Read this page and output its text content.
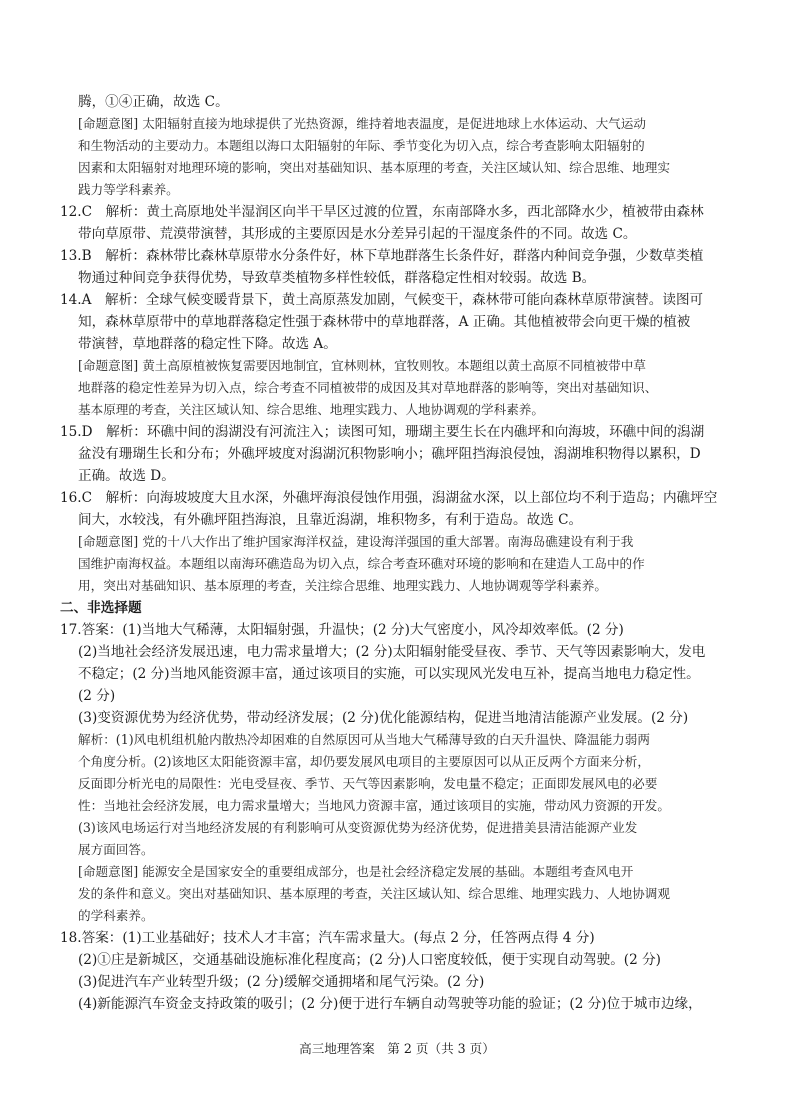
腾，①④正确，故选 C。
[命题意图] 太阳辐射直接为地球提供了光热资源，维持着地表温度，是促进地球上水体运动、大气运动
和生物活动的主要动力。本题组以海口太阳辐射的年际、季节变化为切入点，综合考查影响太阳辐射的
因素和太阳辐射对地理环境的影响，突出对基础知识、基本原理的考查，关注区域认知、综合思维、地理实
践力等学科素养。
12.C　解析：黄土高原地处半湿润区向半干旱区过渡的位置，东南部降水多，西北部降水少，植被带由森林
带向草原带、荒漠带演替，其形成的主要原因是水分差异引起的干湿度条件的不同。故选 C。
13.B　解析：森林带比森林草原带水分条件好，林下草地群落生长条件好，群落内种间竞争强，少数草类植
物通过种间竞争获得优势，导致草类植物多样性较低，群落稳定性相对较弱。故选 B。
14.A　解析：全球气候变暖背景下，黄土高原蒸发加剧，气候变干，森林带可能向森林草原带演替。读图可
知，森林草原带中的草地群落稳定性强于森林带中的草地群落，A 正确。其他植被带会向更干燥的植被
带演替，草地群落的稳定性下降。故选 A。
[命题意图] 黄土高原植被恢复需要因地制宜，宜林则林，宜牧则牧。本题组以黄土高原不同植被带中草
地群落的稳定性差异为切入点，综合考查不同植被带的成因及其对草地群落的影响等，突出对基础知识、
基本原理的考查，关注区域认知、综合思维、地理实践力、人地协调观的学科素养。
15.D　解析：环礁中间的潟湖没有河流注入；读图可知，珊瑚主要生长在内礁坪和向海坡，环礁中间的潟湖
盆没有珊瑚生长和分布；外礁坪坡度对潟湖沉积物影响小；礁坪阻挡海浪侵蚀，潟湖堆积物得以累积，D
正确。故选 D。
16.C　解析：向海坡坡度大且水深，外礁坪海浪侵蚀作用强，潟湖盆水深，以上部位均不利于造岛；内礁坪空
间大，水较浅，有外礁坪阻挡海浪，且靠近潟湖，堆积物多，有利于造岛。故选 C。
[命题意图] 党的十八大作出了维护国家海洋权益，建设海洋强国的重大部署。南海岛礁建设有利于我
国维护南海权益。本题组以南海环礁造岛为切入点，综合考查环礁对环境的影响和在建造人工岛中的作
用，突出对基础知识、基本原理的考查，关注综合思维、地理实践力、人地协调观等学科素养。
二、非选择题
17.答案：(1)当地大气稀薄，太阳辐射强，升温快；(2 分)大气密度小，风冷却效率低。(2 分)
(2)当地社会经济发展迅速，电力需求量增大；(2 分)太阳辐射能受昼夜、季节、天气等因素影响大，发电
不稳定；(2 分)当地风能资源丰富，通过该项目的实施，可以实现风光发电互补，提高当地电力稳定性。
(2 分)
(3)变资源优势为经济优势，带动经济发展；(2 分)优化能源结构，促进当地清洁能源产业发展。(2 分)
解析：(1)风电机组机舱内散热冷却困难的自然原因可从当地大气稀薄导致的白天升温快、降温能力弱两
个角度分析。(2)该地区太阳能资源丰富，却仍要发展风电项目的主要原因可以从正反两个方面来分析，
反面即分析光电的局限性：光电受昼夜、季节、天气等因素影响，发电量不稳定；正面即发展风电的必要
性：当地社会经济发展，电力需求量增大；当地风力资源丰富，通过该项目的实施，带动风力资源的开发。
(3)该风电场运行对当地经济发展的有利影响可从变资源优势为经济优势，促进措美县清洁能源产业发
展方面回答。
[命题意图] 能源安全是国家安全的重要组成部分，也是社会经济稳定发展的基础。本题组考查风电开
发的条件和意义。突出对基础知识、基本原理的考查，关注区域认知、综合思维、地理实践力、人地协调观
的学科素养。
18.答案：(1)工业基础好；技术人才丰富；汽车需求量大。(每点 2 分，任答两点得 4 分)
(2)①庄是新城区，交通基础设施标准化程度高；(2 分)人口密度较低，便于实现自动驾驶。(2 分)
(3)促进汽车产业转型升级；(2 分)缓解交通拥堵和尾气污染。(2 分)
(4)新能源汽车资金支持政策的吸引；(2 分)便于进行车辆自动驾驶等功能的验证；(2 分)位于城市边缘，
高三地理答案　第 2 页（共 3 页）
